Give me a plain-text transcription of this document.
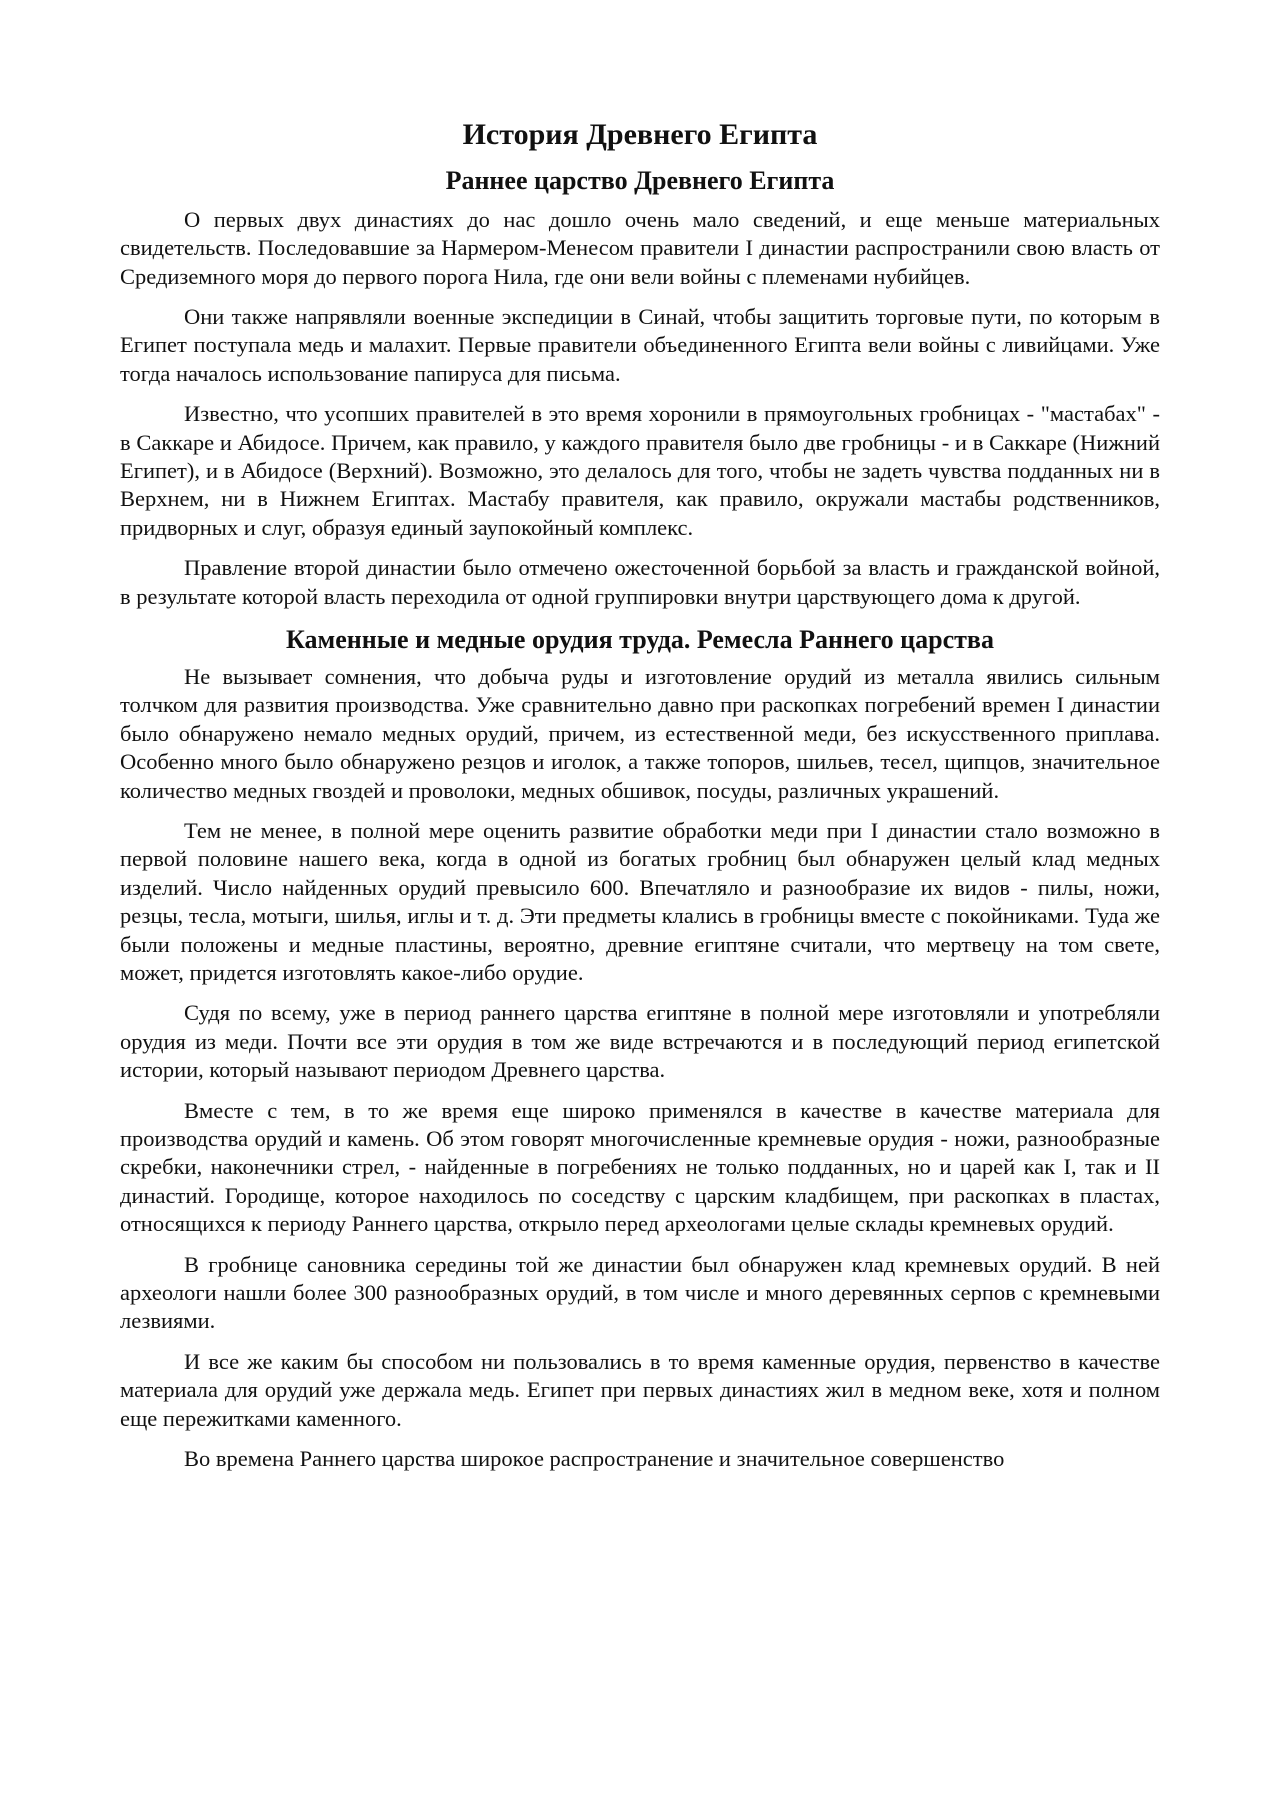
История Древнего Египта
Раннее царство Древнего Египта

О первых двух династиях до нас дошло очень мало сведений, и еще меньше материальных свидетельств. Последовавшие за Нармером-Менесом правители I династии распространили свою власть от Средиземного моря до первого порога Нила, где они вели войны с племенами нубийцев.

Они также напрявляли военные экспедиции в Синай, чтобы защитить торговые пути, по которым в Египет поступала медь и малахит. Первые правители объединенного Египта вели войны с ливийцами. Уже тогда началось использование папируса для письма.

Известно, что усопших правителей в это время хоронили в прямоугольных гробницах - "мастабах" - в Саккаре и Абидосе. Причем, как правило, у каждого правителя было две гробницы - и в Саккаре (Нижний Египет), и в Абидосе (Верхний). Возможно, это делалось для того, чтобы не задеть чувства подданных ни в Верхнем, ни в Нижнем Египтах. Мастабу правителя, как правило, окружали мастабы родственников, придворных и слуг, образуя единый заупокойный комплекс.

Правление второй династии было отмечено ожесточенной борьбой за власть и гражданской войной, в результате которой власть переходила от одной группировки внутри царствующего дома к другой.

Каменные и медные орудия труда. Ремесла Раннего царства

Не вызывает сомнения, что добыча руды и изготовление орудий из металла явились сильным толчком для развития производства. Уже сравнительно давно при раскопках погребений времен I династии было обнаружено немало медных орудий, причем, из естественной меди, без искусственного приплава. Особенно много было обнаружено резцов и иголок, а также топоров, шильев, тесел, щипцов, значительное количество медных гвоздей и проволоки, медных обшивок, посуды, различных украшений.

Тем не менее, в полной мере оценить развитие обработки меди при I династии стало возможно в первой половине нашего века, когда в одной из богатых гробниц был обнаружен целый клад медных изделий. Число найденных орудий превысило 600. Впечатляло и разнообразие их видов - пилы, ножи, резцы, тесла, мотыги, шилья, иглы и т. д. Эти предметы клались в гробницы вместе с покойниками. Туда же были положены и медные пластины, вероятно, древние египтяне считали, что мертвецу на том свете, может, придется изготовлять какое-либо орудие.

Судя по всему, уже в период раннего царства египтяне в полной мере изготовляли и употребляли орудия из меди. Почти все эти орудия в том же виде встречаются и в последующий период египетской истории, который называют периодом Древнего царства.

Вместе с тем, в то же время еще широко применялся в качестве в качестве материала для производства орудий и камень. Об этом говорят многочисленные кремневые орудия - ножи, разнообразные скребки, наконечники стрел, - найденные в погребениях не только подданных, но и царей как I, так и II династий. Городище, которое находилось по соседству с царским кладбищем, при раскопках в пластах, относящихся к периоду Раннего царства, открыло перед археологами целые склады кремневых орудий.

В гробнице сановника середины той же династии был обнаружен клад кремневых орудий. В ней археологи нашли более 300 разнообразных орудий, в том числе и много деревянных серпов с кремневыми лезвиями.

И все же каким бы способом ни пользовались в то время каменные орудия, первенство в качестве материала для орудий уже держала медь. Египет при первых династиях жил в медном веке, хотя и полном еще пережитками каменного.

Во времена Раннего царства широкое распространение и значительное совершенство
